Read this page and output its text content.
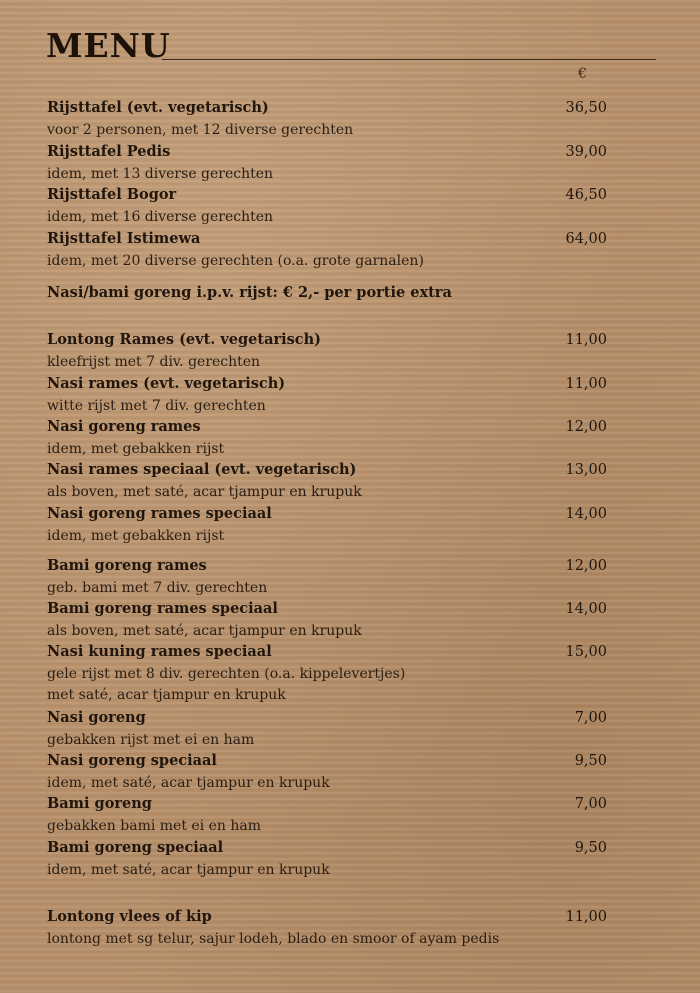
MENU
€
Rijsttafel (evt. vegetarisch)
voor 2 personen, met 12 diverse gerechten
36,50
Rijsttafel Pedis
idem, met 13 diverse gerechten
39,00
Rijsttafel Bogor
idem, met 16 diverse gerechten
46,50
Rijsttafel Istimewa
idem, met 20 diverse gerechten (o.a. grote garnalen)
64,00
Nasi/bami goreng i.p.v. rijst: € 2,- per portie extra
Lontong Rames (evt. vegetarisch)
kleefrijst met 7 div. gerechten
11,00
Nasi rames (evt. vegetarisch)
witte rijst met 7 div. gerechten
11,00
Nasi goreng rames
idem, met gebakken rijst
12,00
Nasi rames speciaal (evt. vegetarisch)
als boven, met saté, acar tjampur en krupuk
13,00
Nasi goreng rames speciaal
idem, met gebakken rijst
14,00
Bami goreng rames
geb. bami met 7 div. gerechten
12,00
Bami goreng rames speciaal
als boven, met saté, acar tjampur en krupuk
14,00
Nasi kuning rames speciaal
gele rijst met 8 div. gerechten (o.a. kippelevertjes)
met saté, acar tjampur en krupuk
15,00
Nasi goreng
gebakken rijst met ei en ham
7,00
Nasi goreng speciaal
idem, met saté, acar tjampur en krupuk
9,50
Bami goreng
gebakken bami met ei en ham
7,00
Bami goreng speciaal
idem, met saté, acar tjampur en krupuk
9,50
Lontong vlees of kip
lontong met sg telur, sajur lodeh, blado en smoor of ayam pedis
11,00
